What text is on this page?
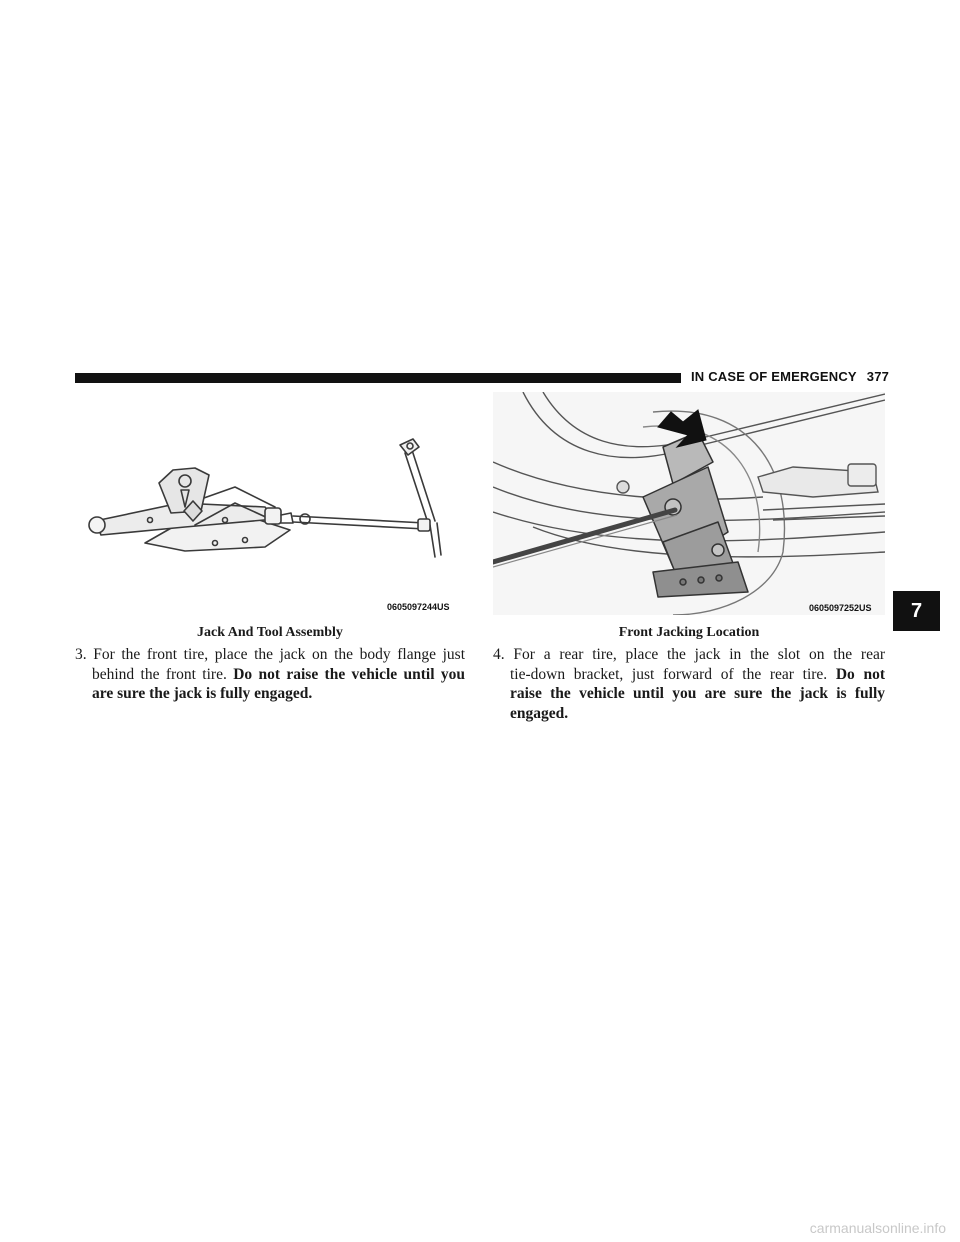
IN CASE OF EMERGENCY 377
0605097244US	0605097252US
Jack And Tool Assembly	Front Jacking Location
7
3. For the front tire, place the jack on the body flange just
behind the front tire. Do not raise the vehicle until you
are sure the jack is fully engaged.
4. For a rear tire, place the jack in the slot on the rear
tie-down bracket, just forward of the rear tire. Do not
raise the vehicle until you are sure the jack is fully
engaged.
carmanualsonline.info
